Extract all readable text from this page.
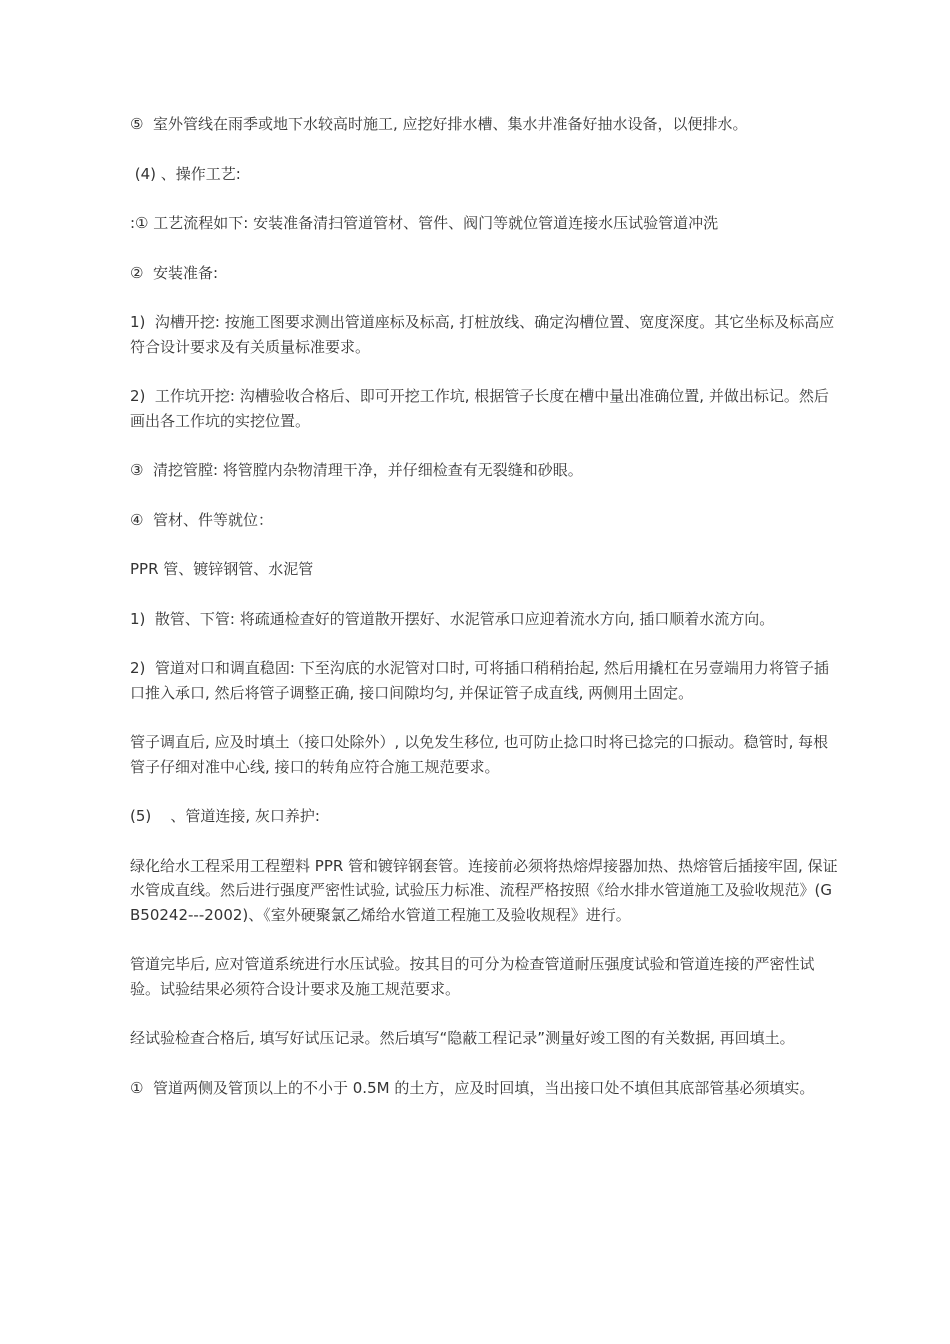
⑤  室外管线在雨季或地下水较高时施工, 应挖好排水槽、集水井准备好抽水设备，以便排水。

(4) 、操作工艺:

:① 工艺流程如下: 安装准备清扫管道管材、管件、阀门等就位管道连接水压试验管道冲洗

②  安装准备:

1)  沟槽开挖: 按施工图要求测出管道座标及标高, 打桩放线、确定沟槽位置、宽度深度。其它坐标及标高应符合设计要求及有关质量标准要求。

2)  工作坑开挖: 沟槽验收合格后、即可开挖工作坑, 根据管子长度在槽中量出准确位置, 并做出标记。然后画出各工作坑的实挖位置。

③  清挖管膛: 将管膛内杂物清理干净，并仔细检查有无裂缝和砂眼。

④  管材、件等就位：

PPR 管、镀锌钢管、水泥管

1)  散管、下管: 将疏通检查好的管道散开摆好、水泥管承口应迎着流水方向, 插口顺着水流方向。

2)  管道对口和调直稳固: 下至沟底的水泥管对口时, 可将插口稍稍抬起, 然后用撬杠在另壹端用力将管子插口推入承口, 然后将管子调整正确, 接口间隙均匀, 并保证管子成直线, 两侧用土固定。

管子调直后, 应及时填土（接口处除外）, 以免发生移位, 也可防止捻口时将已捻完的口振动。稳管时, 每根管子仔细对准中心线, 接口的转角应符合施工规范要求。

(5)    、管道连接, 灰口养护:

绿化给水工程采用工程塑料 PPR 管和镀锌钢套管。连接前必须将热熔焊接器加热、热熔管后插接牢固, 保证水管成直线。然后进行强度严密性试验, 试验压力标准、流程严格按照《给水排水管道施工及验收规范》(GB50242---2002)、《室外硬聚氯乙烯给水管道工程施工及验收规程》进行。

管道完毕后, 应对管道系统进行水压试验。按其目的可分为检查管道耐压强度试验和管道连接的严密性试验。试验结果必须符合设计要求及施工规范要求。

经试验检查合格后, 填写好试压记录。然后填写“隐蔽工程记录”测量好竣工图的有关数据, 再回填土。

①  管道两侧及管顶以上的不小于 0.5M 的土方，应及时回填，当出接口处不填但其底部管基必须填实。
